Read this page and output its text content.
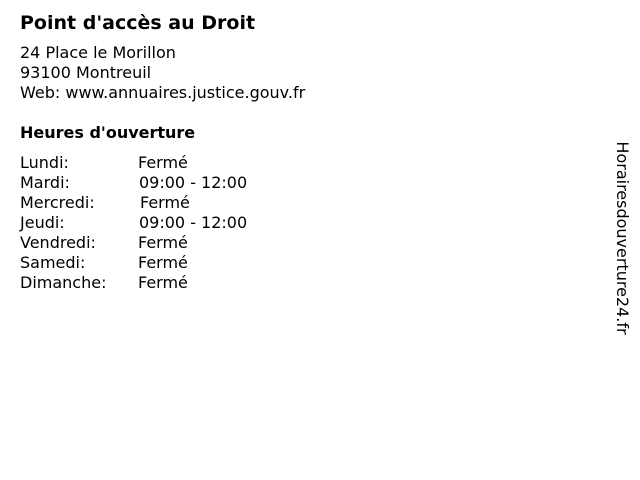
Point d'accès au Droit
24 Place le Morillon
93100 Montreuil
Web: www.annuaires.justice.gouv.fr
Heures d'ouverture
Lundi:	Fermé
Mardi:	09:00 - 12:00
Mercredi:	Fermé
Jeudi:	09:00 - 12:00
Vendredi:	Fermé
Samedi:	Fermé
Dimanche: Fermé	Horairesdouverture24.fr
